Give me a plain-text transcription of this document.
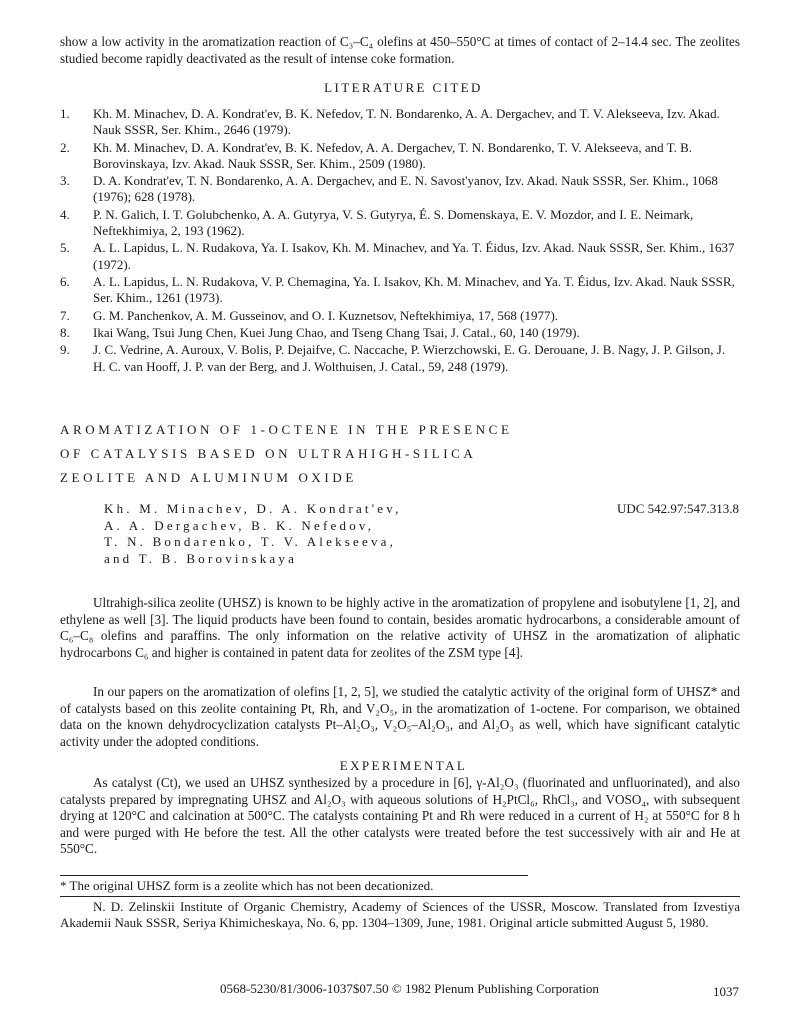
show a low activity in the aromatization reaction of C₃–C₄ olefins at 450–550°C at times of contact of 2–14.4 sec. The zeolites studied become rapidly deactivated as the result of intense coke formation.

LITERATURE CITED
1. Kh. M. Minachev, D. A. Kondrat'ev, B. K. Nefedov, T. N. Bondarenko, A. A. Dergachev, and T. V. Alekseeva, Izv. Akad. Nauk SSSR, Ser. Khim., 2646 (1979).
2. Kh. M. Minachev, D. A. Kondrat'ev, B. K. Nefedov, A. A. Dergachev, T. N. Bondarenko, T. V. Alekseeva, and T. B. Borovinskaya, Izv. Akad. Nauk SSSR, Ser. Khim., 2509 (1980).
3. D. A. Kondrat'ev, T. N. Bondarenko, A. A. Dergachev, and E. N. Savost'yanov, Izv. Akad. Nauk SSSR, Ser. Khim., 1068 (1976); 628 (1978).
4. P. N. Galich, I. T. Golubchenko, A. A. Gutyrya, V. S. Gutyrya, É. S. Domenskaya, E. V. Mozdor, and I. E. Neimark, Neftekhimiya, 2, 193 (1962).
5. A. L. Lapidus, L. N. Rudakova, Ya. I. Isakov, Kh. M. Minachev, and Ya. T. Éidus, Izv. Akad. Nauk SSSR, Ser. Khim., 1637 (1972).
6. A. L. Lapidus, L. N. Rudakova, V. P. Chemagina, Ya. I. Isakov, Kh. M. Minachev, and Ya. T. Éidus, Izv. Akad. Nauk SSSR, Ser. Khim., 1261 (1973).
7. G. M. Panchenkov, A. M. Gusseinov, and O. I. Kuznetsov, Neftekhimiya, 17, 568 (1977).
8. Ikai Wang, Tsui Jung Chen, Kuei Jung Chao, and Tseng Chang Tsai, J. Catal., 60, 140 (1979).
9. J. C. Vedrine, A. Auroux, V. Bolis, P. Dejaifve, C. Naccache, P. Wierzchowski, E. G. Derouane, J. B. Nagy, J. P. Gilson, J. H. C. van Hooff, J. P. van der Berg, and J. Wolthuisen, J. Catal., 59, 248 (1979).
AROMATIZATION OF 1-OCTENE IN THE PRESENCE
OF CATALYSIS BASED ON ULTRAHIGH-SILICA
ZEOLITE AND ALUMINUM OXIDE
Kh. M. Minachev, D. A. Kondrat'ev,
A. A. Dergachev, B. K. Nefedov,
T. N. Bondarenko, T. V. Alekseeva,
and T. B. Borovinskaya
UDC 542.97:547.313.8

Ultrahigh-silica zeolite (UHSZ) is known to be highly active in the aromatization of propylene and isobutylene [1, 2], and ethylene as well [3]. The liquid products have been found to contain, besides aromatic hydrocarbons, a considerable amount of C₆–C₈ olefins and paraffins. The only information on the relative activity of UHSZ in the aromatization of aliphatic hydrocarbons C₆ and higher is contained in patent data for zeolites of the ZSM type [4].

In our papers on the aromatization of olefins [1, 2, 5], we studied the catalytic activity of the original form of UHSZ* and of catalysts based on this zeolite containing Pt, Rh, and V₂O₅, in the aromatization of 1-octene. For comparison, we obtained data on the known dehydrocyclization catalysts Pt–Al₂O₃, V₂O₅–Al₂O₃, and Al₂O₃ as well, which have significant catalytic activity under the adopted conditions.

EXPERIMENTAL

As catalyst (Ct), we used an UHSZ synthesized by a procedure in [6], γ-Al₂O₃ (fluorinated and unfluorinated), and also catalysts prepared by impregnating UHSZ and Al₂O₃ with aqueous solutions of H₂PtCl₆, RhCl₃, and VOSO₄, with subsequent drying at 120°C and calcination at 500°C. The catalysts containing Pt and Rh were reduced in a current of H₂ at 550°C for 8 h and were purged with He before the test. All the other catalysts were treated before the test successively with air and He at 550°C.

* The original UHSZ form is a zeolite which has not been decationized.

N. D. Zelinskii Institute of Organic Chemistry, Academy of Sciences of the USSR, Moscow. Translated from Izvestiya Akademii Nauk SSSR, Seriya Khimicheskaya, No. 6, pp. 1304–1309, June, 1981. Original article submitted August 5, 1980.

0568-5230/81/3006-1037$07.50 © 1982 Plenum Publishing Corporation	1037
